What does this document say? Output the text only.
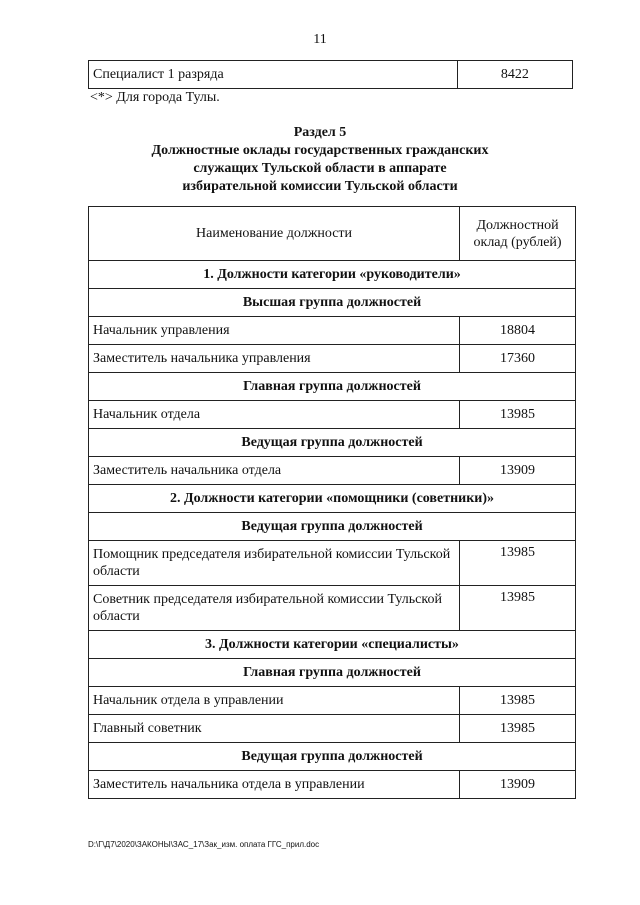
11
Специалист 1 разряда	8422
<*> Для города Тулы.
Раздел 5
Должностные оклады государственных гражданских
служащих Тульской области в аппарате
избирательной комиссии Тульской области
Наименование должности	Должностной
оклад (рублей)

1. Должности категории «руководители»	
Высшая группа должностей	
Начальник управления	18804
Заместитель начальника управления	17360
Главная группа должностей	
Начальник отдела	13985
Ведущая группа должностей	
Заместитель начальника отдела	13909
2. Должности категории «помощники (советники)»	
Ведущая группа должностей	
Помощник председателя избирательной комиссии Тульской области	13985
Советник председателя избирательной комиссии Тульской области	13985
3. Должности категории «специалисты»	
Главная группа должностей	
Начальник отдела в управлении	13985
Главный советник	13985
Ведущая группа должностей	
Заместитель начальника отдела в управлении	13909
D:\Г\Д7\2020\ЗАКОНЫ\ЗАС_17\Зак_изм. оплата ГГС_прил.doc
